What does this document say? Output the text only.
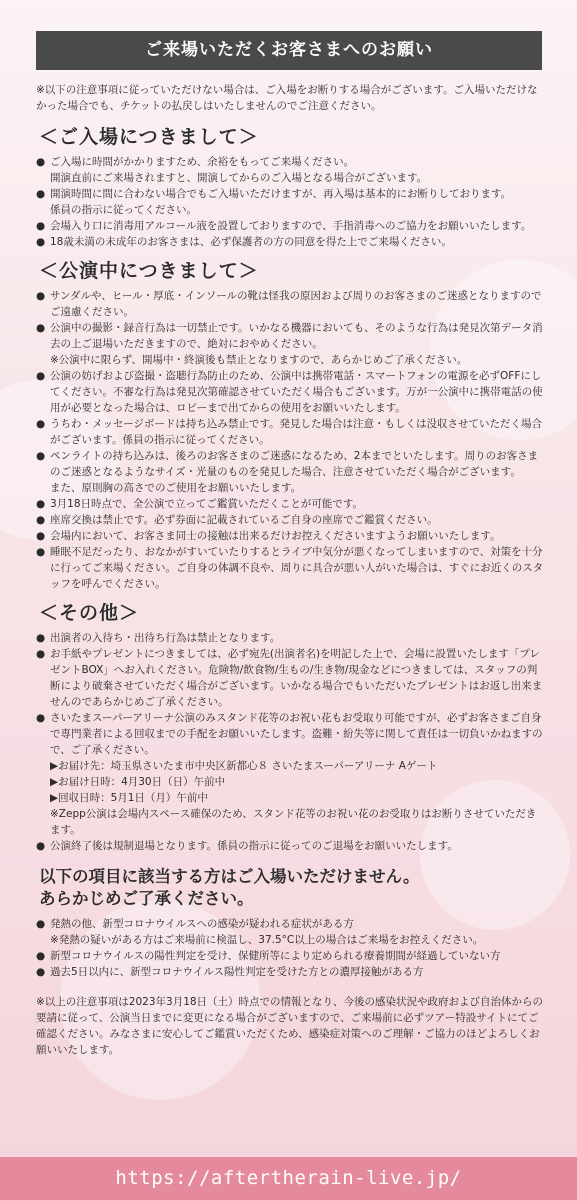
ご来場いただくお客さまへのお願い

※以下の注意事項に従っていただけない場合は、ご入場をお断りする場合がございます。ご入場いただけなかった場合でも、チケットの払戻しはいたしませんのでご注意ください。

＜ご入場につきまして＞

● ご入場に時間がかかりますため、余裕をもってご来場ください。

開演直前にご来場されますと、開演してからのご入場となる場合がございます。

● 開演時間に間に合わない場合でもご入場いただけますが、再入場は基本的にお断りしております。

係員の指示に従ってください。

● 会場入り口に消毒用アルコール液を設置しておりますので、手指消毒へのご協力をお願いいたします。

● 18歳未満の未成年のお客さまは、必ず保護者の方の同意を得た上でご来場ください。

＜公演中につきまして＞

● サンダルや、ヒール・厚底・インソールの靴は怪我の原因および周りのお客さまのご迷惑となりますのでご遠慮ください。

● 公演中の撮影・録音行為は一切禁止です。いかなる機器においても、そのような行為は発見次第データ消去の上ご退場いただきますので、絶対におやめください。

※公演中に限らず、開場中・終演後も禁止となりますので、あらかじめご了承ください。

● 公演の妨げおよび盗撮・盗聴行為防止のため、公演中は携帯電話・スマートフォンの電源を必ずOFFにしてください。不審な行為は発見次第確認させていただく場合もございます。万が一公演中に携帯電話の使用が必要となった場合は、ロビーまで出てからの使用をお願いいたします。

● うちわ・メッセージボードは持ち込み禁止です。発見した場合は注意・もしくは没収させていただく場合がございます。係員の指示に従ってください。

● ペンライトの持ち込みは、後ろのお客さまのご迷惑になるため、2本までといたします。周りのお客さまのご迷惑となるようなサイズ・光量のものを発見した場合、注意させていただく場合がございます。

また、原則胸の高さでのご使用をお願いいたします。

● 3月18日時点で、全公演で立ってご鑑賞いただくことが可能です。

● 座席交換は禁止です。必ず券面に記載されているご自身の座席でご鑑賞ください。

● 会場内において、お客さま同士の接触は出来るだけお控えくださいますようお願いいたします。

● 睡眠不足だったり、おなかがすいていたりするとライブ中気分が悪くなってしまいますので、対策を十分に行ってご来場ください。ご自身の体調不良や、周りに具合が悪い人がいた場合は、すぐにお近くのスタッフを呼んでください。

＜その他＞

● 出演者の入待ち・出待ち行為は禁止となります。

● お手紙やプレゼントにつきましては、必ず宛先(出演者名)を明記した上で、会場に設置いたします「プレゼントBOX」へお入れください。危険物/飲食物/生もの/生き物/現金などにつきましては、スタッフの判断により破棄させていただく場合がございます。いかなる場合でもいただいたプレゼントはお返し出来ませんのであらかじめご了承ください。

● さいたまスーパーアリーナ公演のみスタンド花等のお祝い花もお受取り可能ですが、必ずお客さまご自身で専門業者による回収までの手配をお願いいたします。盗難・紛失等に関して責任は一切負いかねますので、ご了承ください。

▶お届け先：埼玉県さいたま市中央区新都心８ さいたまスーパーアリーナ Aゲート

▶お届け日時：4月30日（日）午前中

▶回収日時：5月1日（月）午前中

※Zepp公演は会場内スペース確保のため、スタンド花等のお祝い花のお受取りはお断りさせていただきます。

● 公演終了後は規制退場となります。係員の指示に従ってのご退場をお願いいたします。

以下の項目に該当する方はご入場いただけません。
あらかじめご了承ください。

● 発熱の他、新型コロナウイルスへの感染が疑われる症状がある方

※発熱の疑いがある方はご来場前に検温し、37.5°C以上の場合はご来場をお控えください。

● 新型コロナウイルスの陽性判定を受け、保健所等により定められる療養期間が経過していない方

● 過去5日以内に、新型コロナウイルス陽性判定を受けた方との濃厚接触がある方

※以上の注意事項は2023年3月18日（土）時点での情報となり、今後の感染状況や政府および自治体からの要請に従って、公演当日までに変更になる場合がございますので、ご来場前に必ずツアー特設サイトにてご確認ください。みなさまに安心してご鑑賞いただくため、感染症対策へのご理解・ご協力のほどよろしくお願いいたします。

https://aftertherain-live.jp/
